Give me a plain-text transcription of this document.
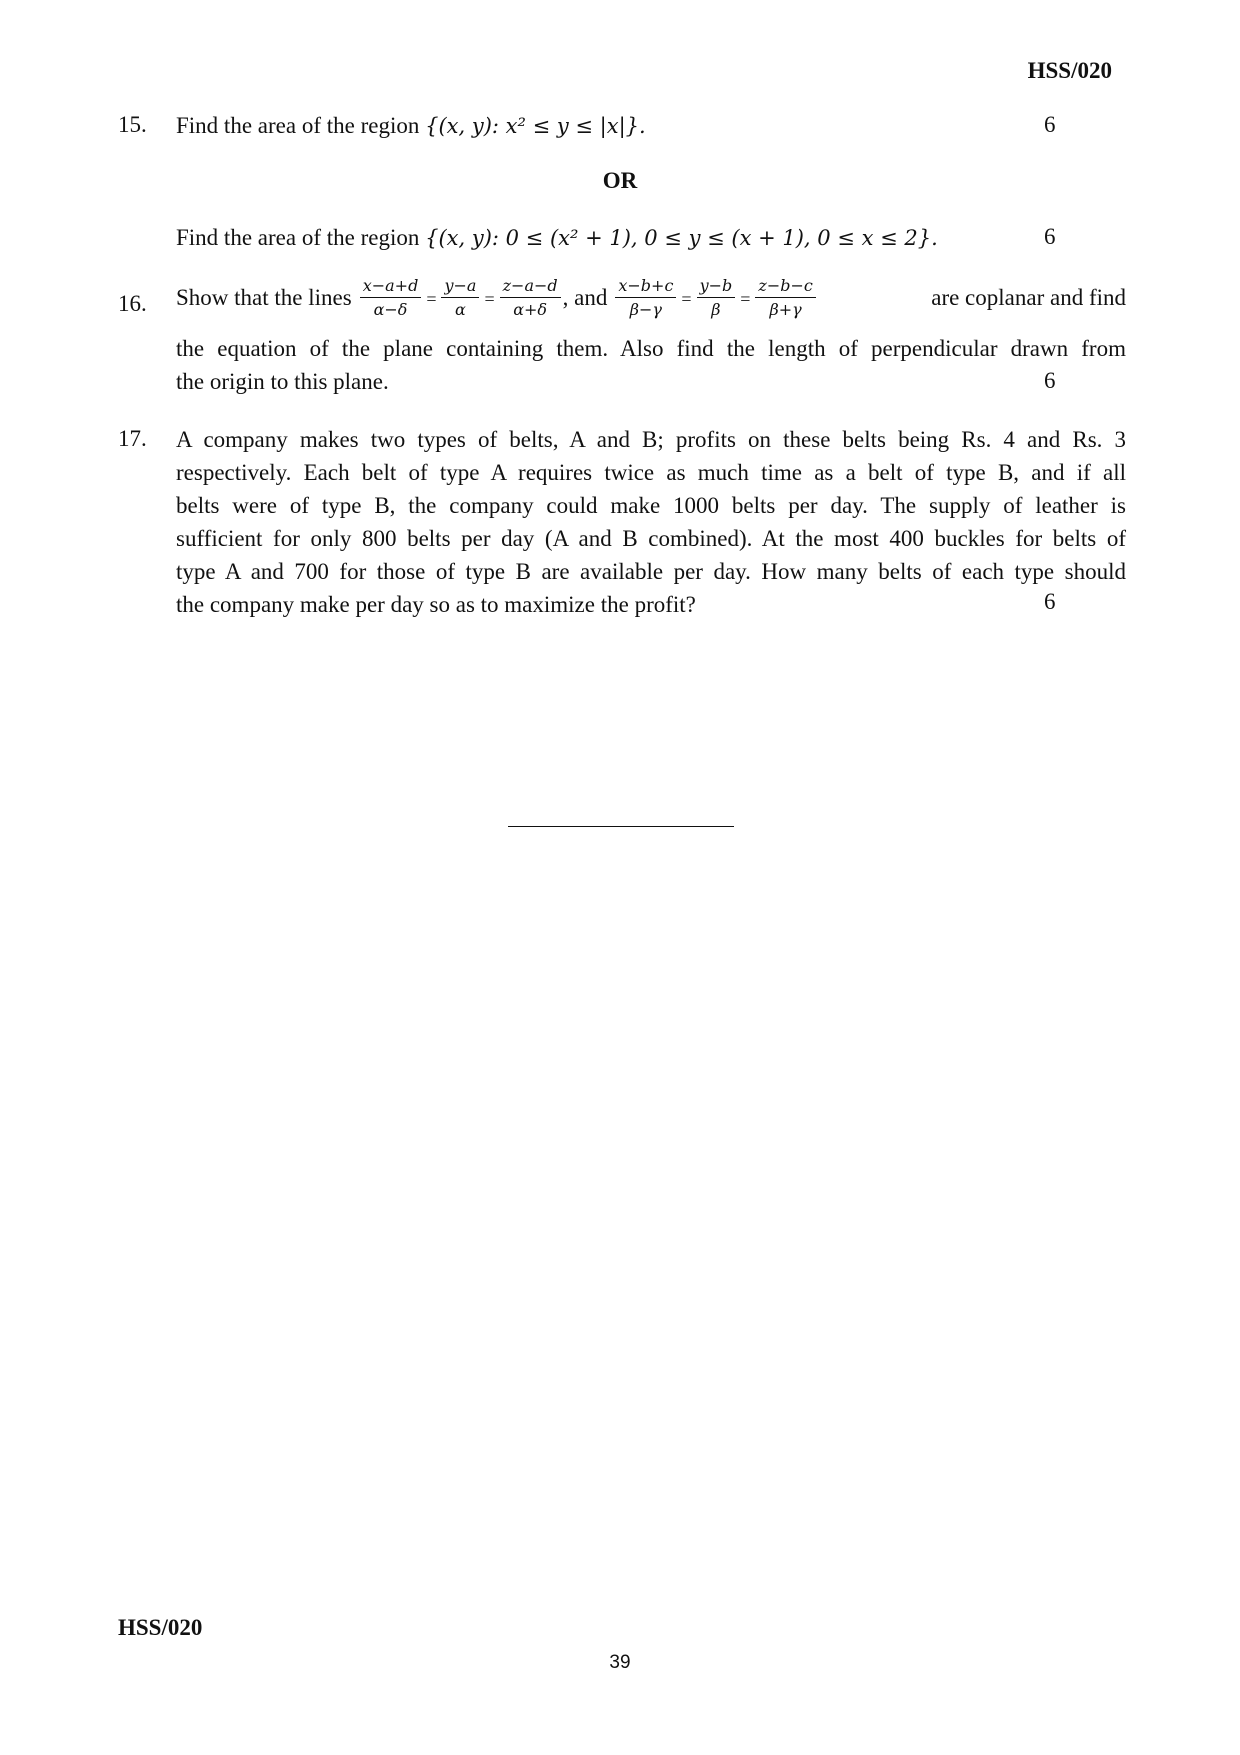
HSS/020
15. Find the area of the region {(x, y): x² ≤ y ≤ |x|}.	6
OR
Find the area of the region {(x, y): 0 ≤ (x² + 1), 0 ≤ y ≤ (x + 1), 0 ≤ x ≤ 2}.	6
16. Show that the lines $\frac{x-a+d}{\alpha-\delta} = \frac{y-a}{\alpha} = \frac{z-a-d}{\alpha+\delta}$ , and $\frac{x-b+c}{\beta-\gamma} = \frac{y-b}{\beta} = \frac{z-b-c}{\beta+\gamma}$	are coplanar and find
the equation of the plane containing them. Also find the length of perpendicular drawn from
the origin to this plane.	6
17. A company makes two types of belts, A and B; profits on these belts being Rs. 4 and Rs. 3
respectively. Each belt of type A requires twice as much time as a belt of type B, and if all
belts were of type B, the company could make 1000 belts per day. The supply of leather is
sufficient for only 800 belts per day (A and B combined). At the most 400 buckles for belts of
type A and 700 for those of type B are available per day. How many belts of each type should
the company make per day so as to maximize the profit?	6
HSS/020
39
